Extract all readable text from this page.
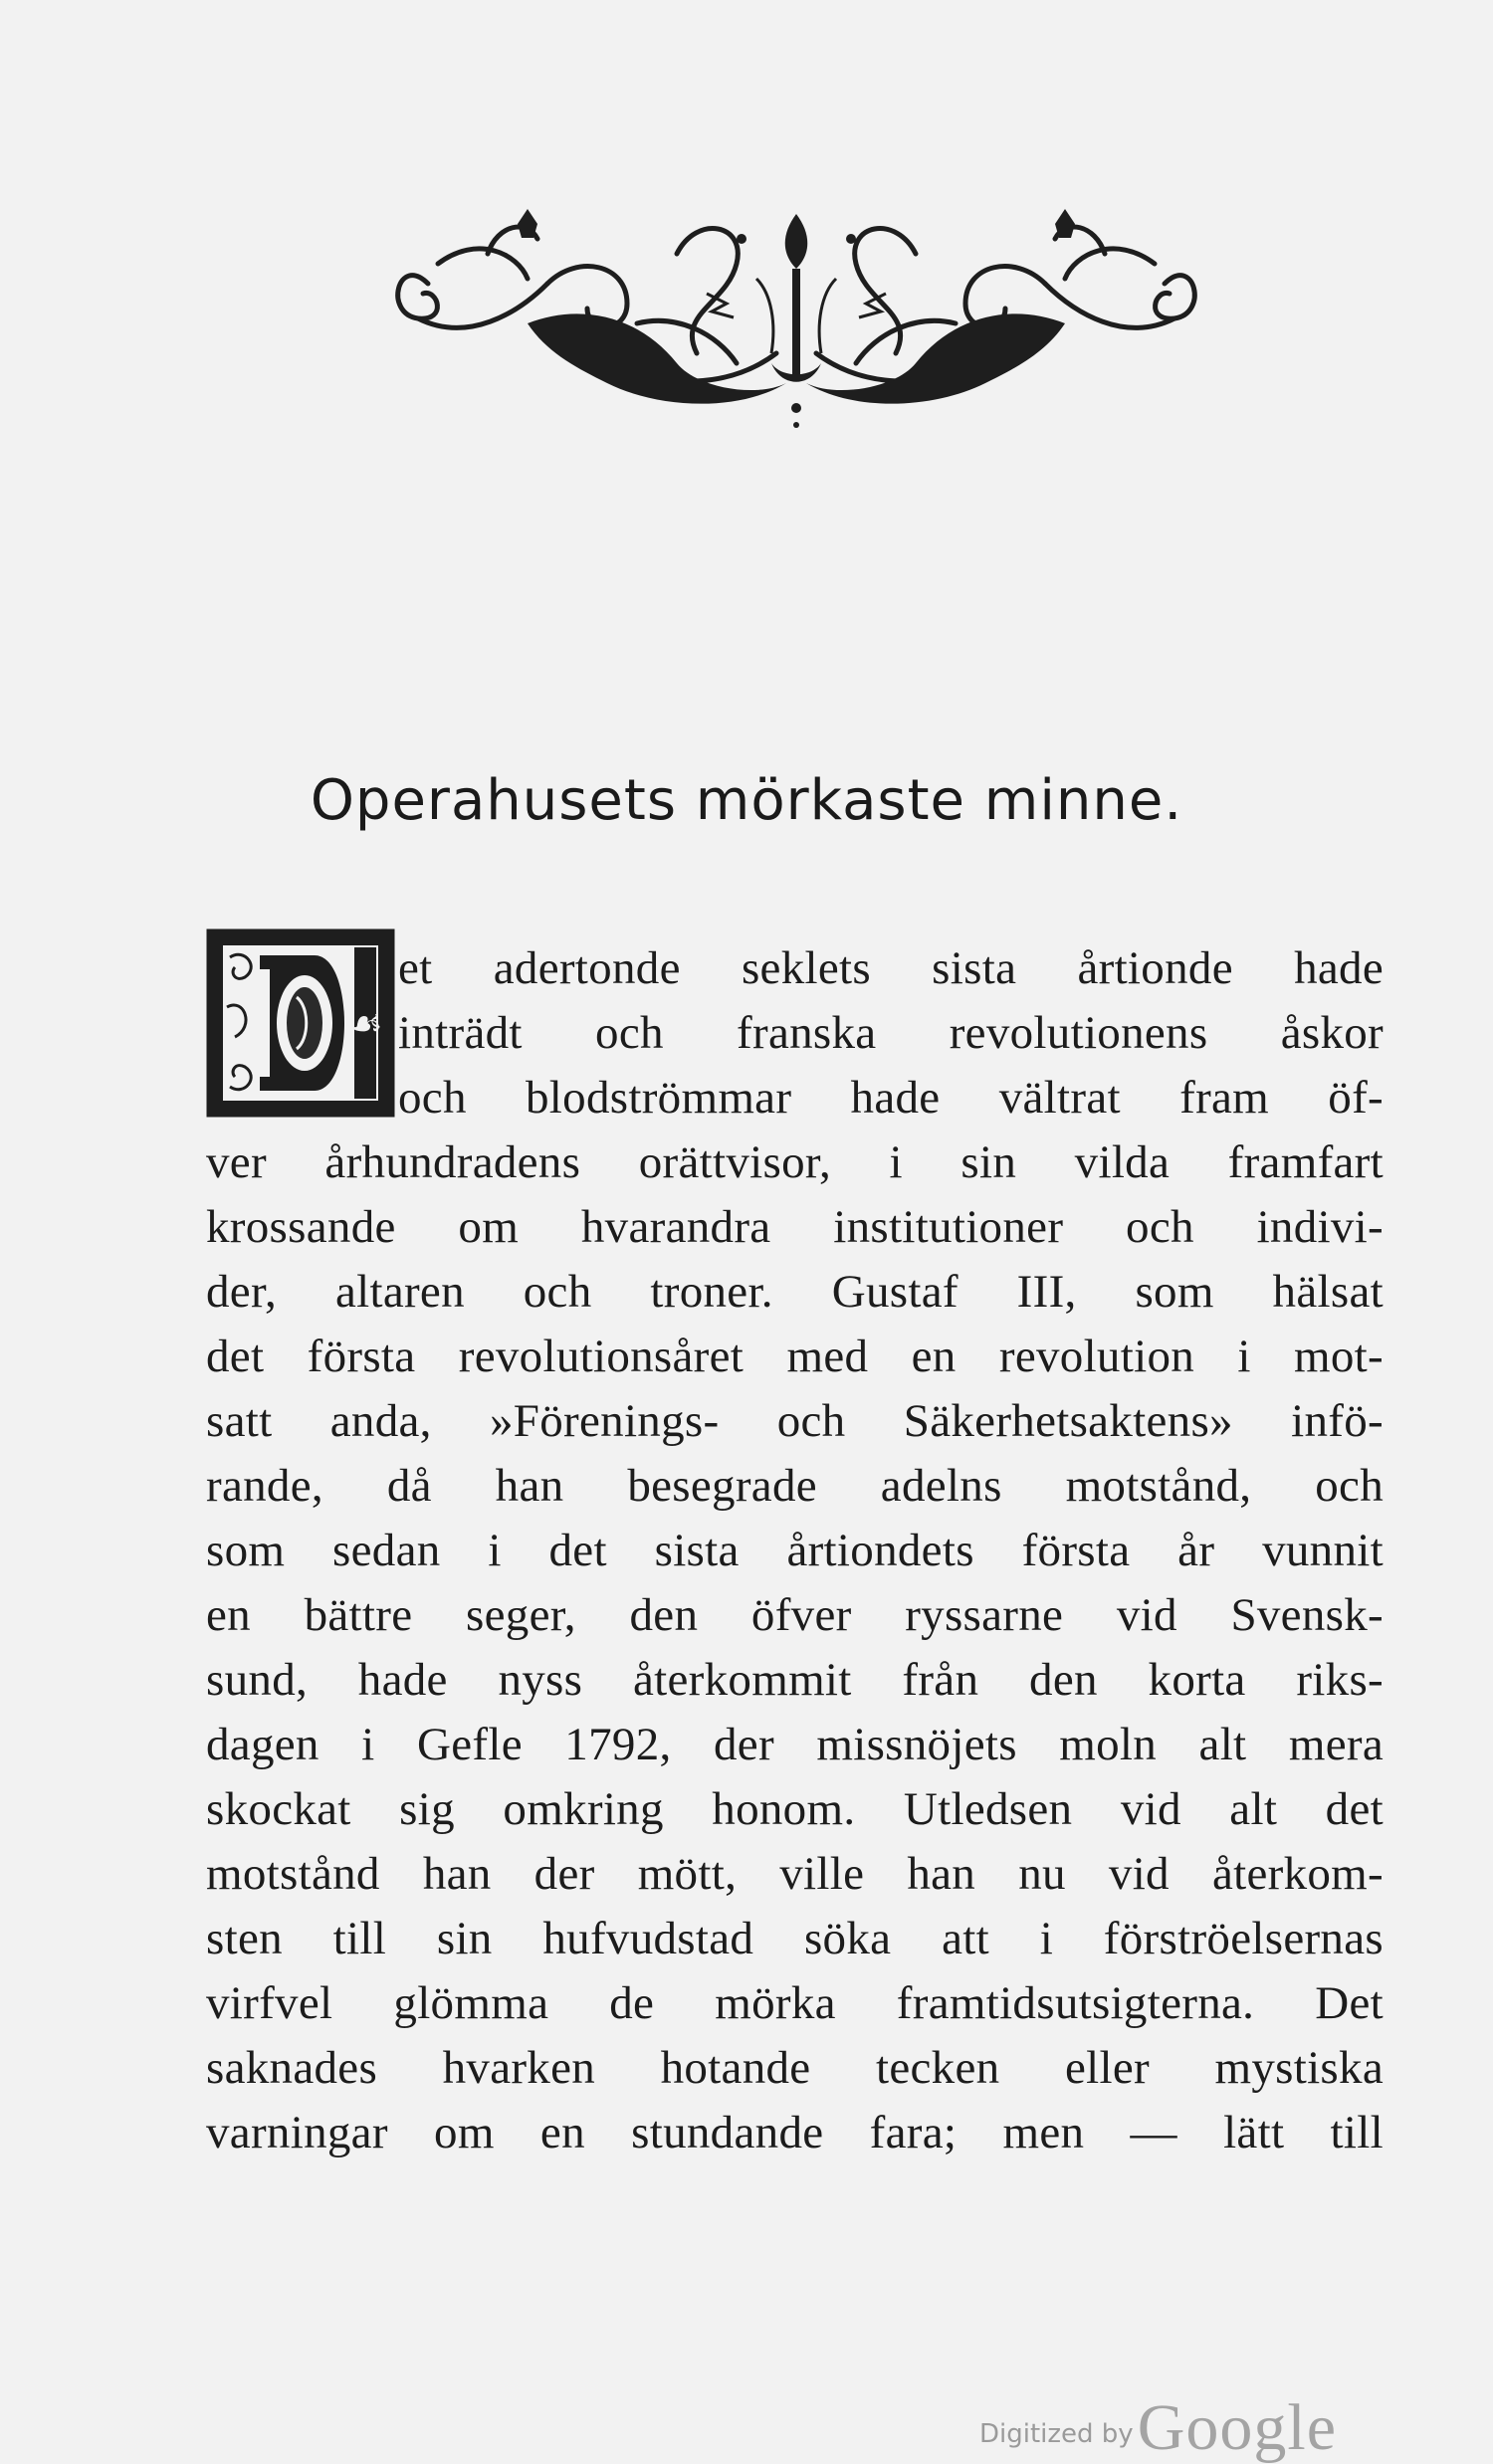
Operahusets mörkaste minne.
☙
et adertonde seklets sista årtionde hade
inträdt och franska revolutionens åskor
och blodströmmar hade vältrat fram öf-
ver århundradens orättvisor, i sin vilda framfart
krossande om hvarandra institutioner och indivi-
der, altaren och troner. Gustaf III, som hälsat
det första revolutionsåret med en revolution i mot-
satt anda, »Förenings- och Säkerhetsaktens» infö-
rande, då han besegrade adelns motstånd, och
som sedan i det sista årtiondets första år vunnit
en bättre seger, den öfver ryssarne vid Svensk-
sund, hade nyss återkommit från den korta riks-
dagen i Gefle 1792, der missnöjets moln alt mera
skockat sig omkring honom. Utledsen vid alt det
motstånd han der mött, ville han nu vid återkom-
sten till sin hufvudstad söka att i förströelsernas
virfvel glömma de mörka framtidsutsigterna. Det
saknades hvarken hotande tecken eller mystiska
varningar om en stundande fara; men — lätt till
Digitized by Google
